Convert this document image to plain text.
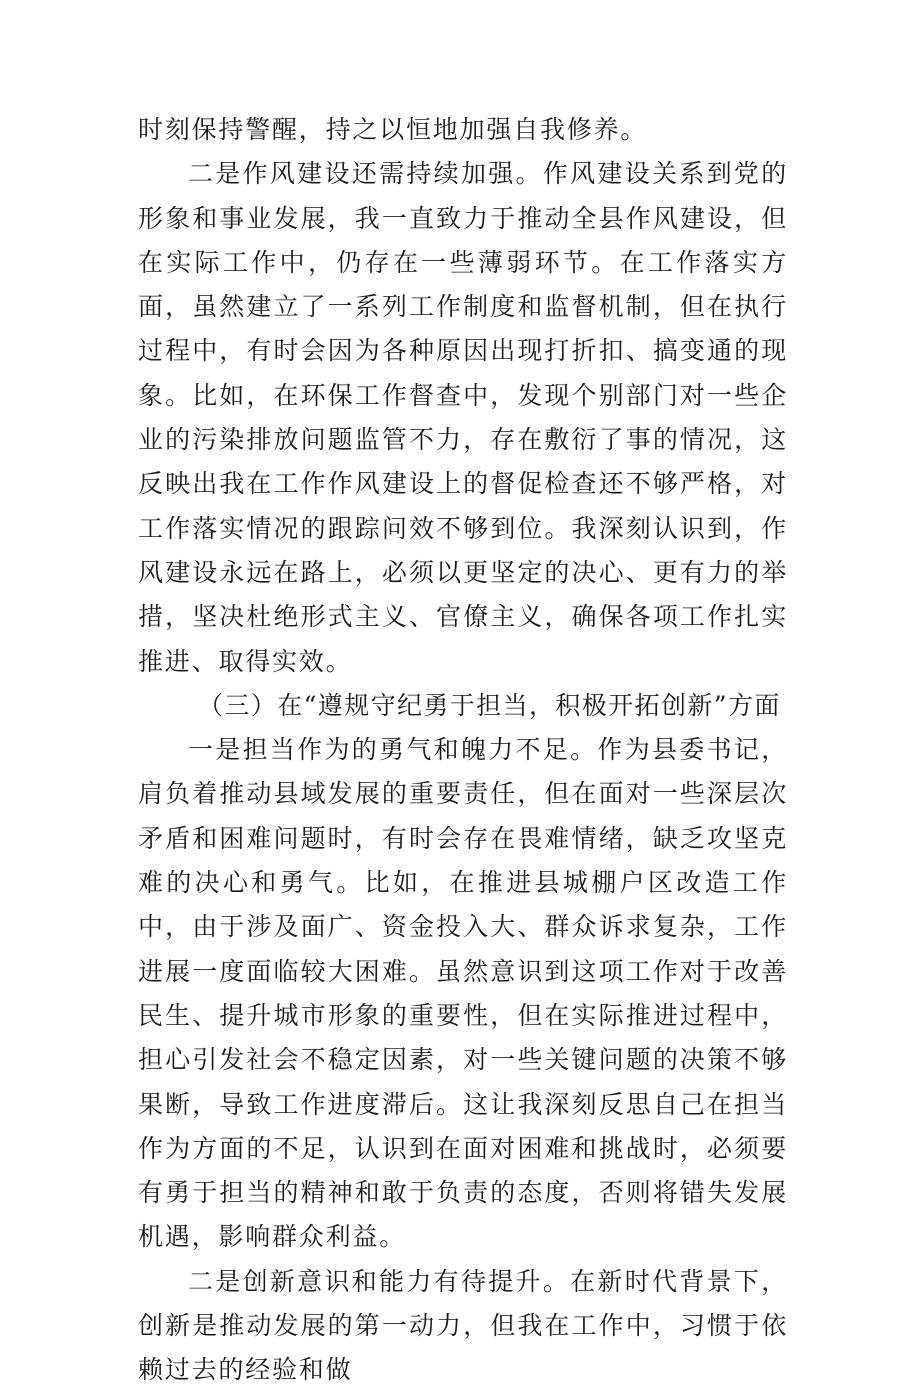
时刻保持警醒，持之以恒地加强自我修养。

二是作风建设还需持续加强。作风建设关系到党的形象和事业发展，我一直致力于推动全县作风建设，但在实际工作中，仍存在一些薄弱环节。在工作落实方面，虽然建立了一系列工作制度和监督机制，但在执行过程中，有时会因为各种原因出现打折扣、搞变通的现象。比如，在环保工作督查中，发现个别部门对一些企业的污染排放问题监管不力，存在敷衍了事的情况，这反映出我在工作作风建设上的督促检查还不够严格，对工作落实情况的跟踪问效不够到位。我深刻认识到，作风建设永远在路上，必须以更坚定的决心、更有力的举措，坚决杜绝形式主义、官僚主义，确保各项工作扎实推进、取得实效。

（三）在“遵规守纪勇于担当，积极开拓创新”方面

一是担当作为的勇气和魄力不足。作为县委书记，肩负着推动县域发展的重要责任，但在面对一些深层次矛盾和困难问题时，有时会存在畏难情绪，缺乏攻坚克难的决心和勇气。比如，在推进县城棚户区改造工作中，由于涉及面广、资金投入大、群众诉求复杂，工作进展一度面临较大困难。虽然意识到这项工作对于改善民生、提升城市形象的重要性，但在实际推进过程中，担心引发社会不稳定因素，对一些关键问题的决策不够果断，导致工作进度滞后。这让我深刻反思自己在担当作为方面的不足，认识到在面对困难和挑战时，必须要有勇于担当的精神和敢于负责的态度，否则将错失发展机遇，影响群众利益。

二是创新意识和能力有待提升。在新时代背景下，创新是推动发展的第一动力，但我在工作中，习惯于依赖过去的经验和做
